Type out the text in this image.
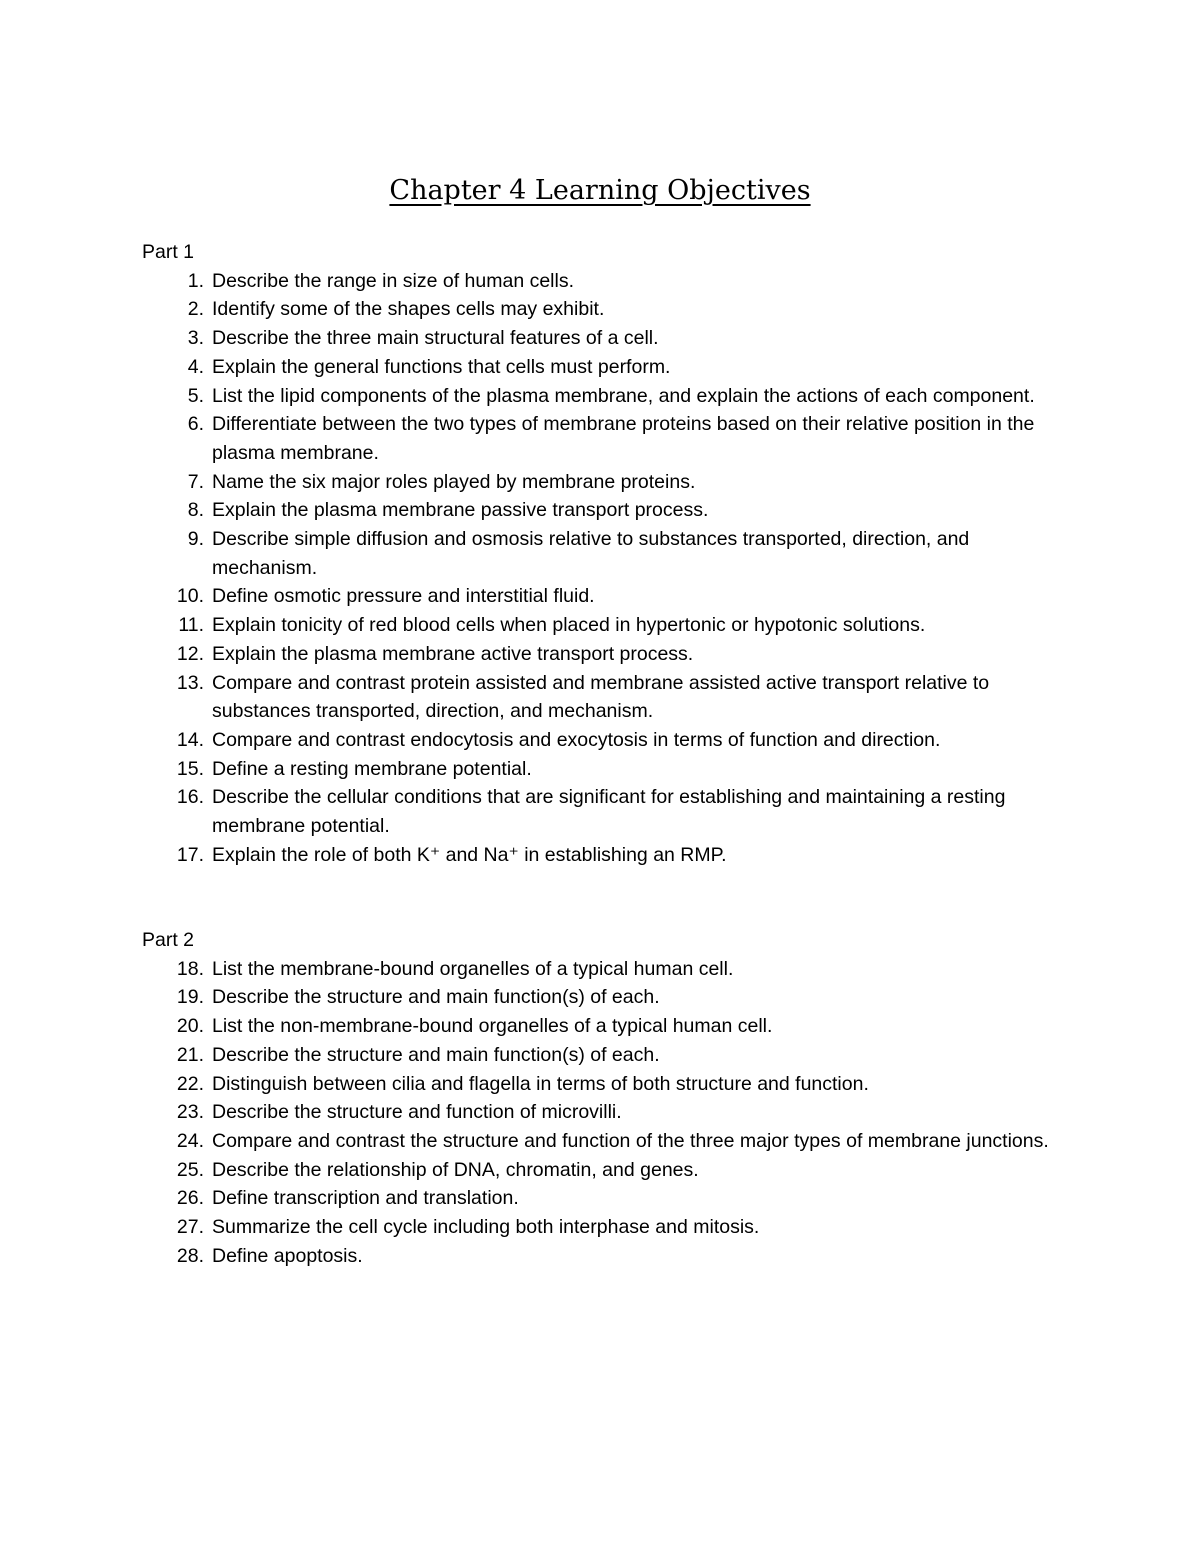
Chapter 4 Learning Objectives
Part 1
1. Describe the range in size of human cells.
2. Identify some of the shapes cells may exhibit.
3. Describe the three main structural features of a cell.
4. Explain the general functions that cells must perform.
5. List the lipid components of the plasma membrane, and explain the actions of each component.
6. Differentiate between the two types of membrane proteins based on their relative position in the plasma membrane.
7. Name the six major roles played by membrane proteins.
8. Explain the plasma membrane passive transport process.
9. Describe simple diffusion and osmosis relative to substances transported, direction, and mechanism.
10. Define osmotic pressure and interstitial fluid.
11. Explain tonicity of red blood cells when placed in hypertonic or hypotonic solutions.
12. Explain the plasma membrane active transport process.
13. Compare and contrast protein assisted and membrane assisted active transport relative to substances transported, direction, and mechanism.
14. Compare and contrast endocytosis and exocytosis in terms of function and direction.
15. Define a resting membrane potential.
16. Describe the cellular conditions that are significant for establishing and maintaining a resting membrane potential.
17. Explain the role of both K⁺ and Na⁺ in establishing an RMP.
Part 2
18. List the membrane-bound organelles of a typical human cell.
19. Describe the structure and main function(s) of each.
20. List the non-membrane-bound organelles of a typical human cell.
21. Describe the structure and main function(s) of each.
22. Distinguish between cilia and flagella in terms of both structure and function.
23. Describe the structure and function of microvilli.
24. Compare and contrast the structure and function of the three major types of membrane junctions.
25. Describe the relationship of DNA, chromatin, and genes.
26. Define transcription and translation.
27. Summarize the cell cycle including both interphase and mitosis.
28. Define apoptosis.
